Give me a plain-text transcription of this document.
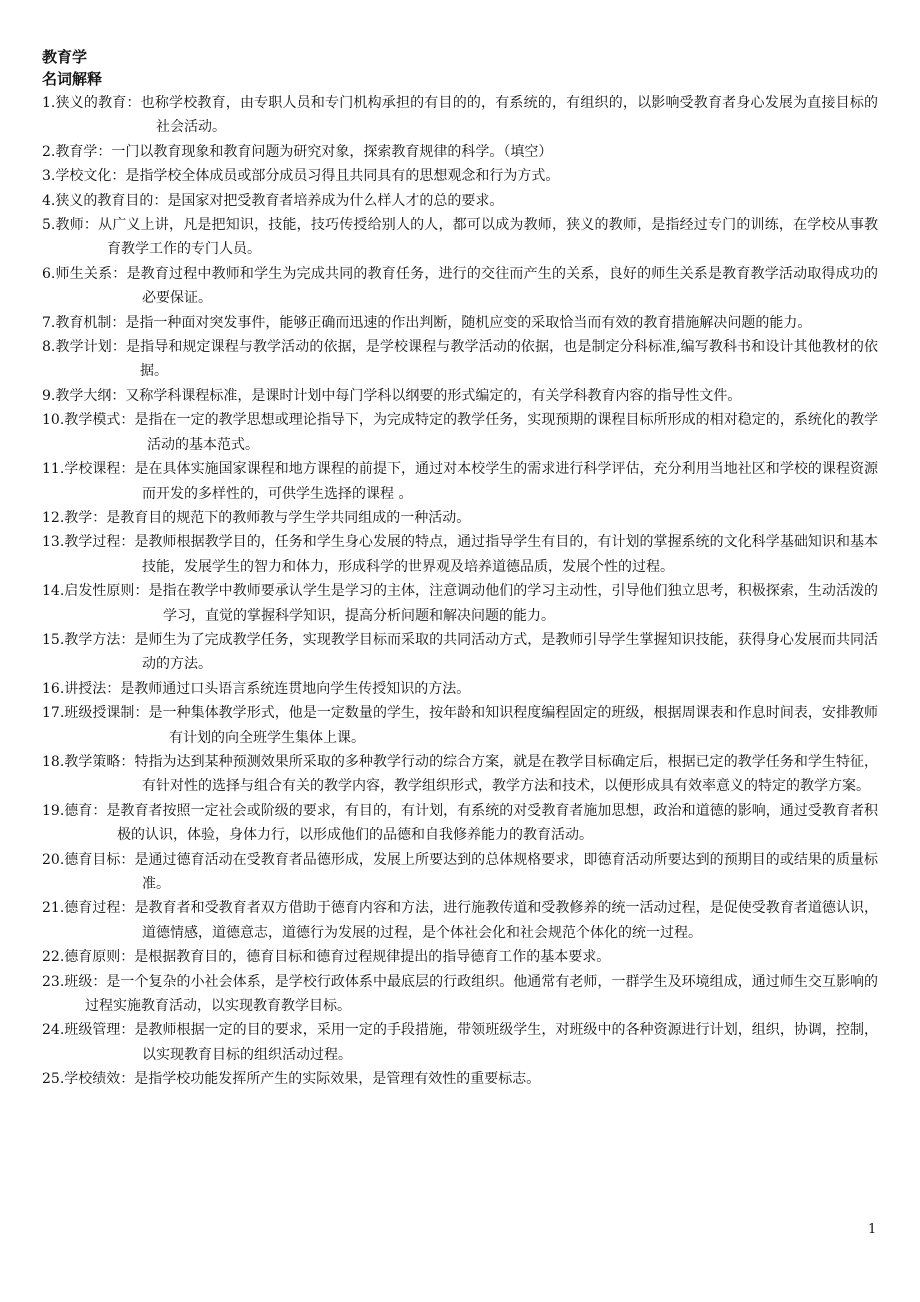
教育学
名词解释

1.狭义的教育：也称学校教育，由专职人员和专门机构承担的有目的的，有系统的，有组织的，以影响受教育者身心发展为直接目标的社会活动。

2.教育学：一门以教育现象和教育问题为研究对象，探索教育规律的科学。（填空）

3.学校文化：是指学校全体成员或部分成员习得且共同具有的思想观念和行为方式。

4.狭义的教育目的：是国家对把受教育者培养成为什么样人才的总的要求。

5.教师：从广义上讲，凡是把知识，技能，技巧传授给别人的人，都可以成为教师，狭义的教师，是指经过专门的训练，在学校从事教育教学工作的专门人员。

6.师生关系：是教育过程中教师和学生为完成共同的教育任务，进行的交往而产生的关系，良好的师生关系是教育教学活动取得成功的必要保证。

7.教育机制：是指一种面对突发事件，能够正确而迅速的作出判断，随机应变的采取恰当而有效的教育措施解决问题的能力。

8.教学计划：是指导和规定课程与教学活动的依据，是学校课程与教学活动的依据，也是制定分科标准,编写教科书和设计其他教材的依据。

9.教学大纲：又称学科课程标准，是课时计划中每门学科以纲要的形式编定的，有关学科教育内容的指导性文件。

10.教学模式：是指在一定的教学思想或理论指导下，为完成特定的教学任务，实现预期的课程目标所形成的相对稳定的，系统化的教学活动的基本范式。

11.学校课程：是在具体实施国家课程和地方课程的前提下，通过对本校学生的需求进行科学评估，充分利用当地社区和学校的课程资源而开发的多样性的，可供学生选择的课程 。

12.教学：是教育目的规范下的教师教与学生学共同组成的一种活动。

13.教学过程：是教师根据教学目的，任务和学生身心发展的特点，通过指导学生有目的，有计划的掌握系统的文化科学基础知识和基本技能，发展学生的智力和体力，形成科学的世界观及培养道德品质，发展个性的过程。

14.启发性原则：是指在教学中教师要承认学生是学习的主体，注意调动他们的学习主动性，引导他们独立思考，积极探索，生动活泼的学习，直觉的掌握科学知识，提高分析问题和解决问题的能力。

15.教学方法：是师生为了完成教学任务，实现教学目标而采取的共同活动方式，是教师引导学生掌握知识技能，获得身心发展而共同活动的方法。

16.讲授法：是教师通过口头语言系统连贯地向学生传授知识的方法。

17.班级授课制：是一种集体教学形式，他是一定数量的学生，按年龄和知识程度编程固定的班级，根据周课表和作息时间表，安排教师有计划的向全班学生集体上课。

18.教学策略：特指为达到某种预测效果所采取的多种教学行动的综合方案，就是在教学目标确定后，根据已定的教学任务和学生特征，有针对性的选择与组合有关的教学内容，教学组织形式，教学方法和技术，以便形成具有效率意义的特定的教学方案。

19.德育：是教育者按照一定社会或阶级的要求，有目的，有计划，有系统的对受教育者施加思想，政治和道德的影响，通过受教育者积极的认识，体验，身体力行，以形成他们的品德和自我修养能力的教育活动。

20.德育目标：是通过德育活动在受教育者品德形成，发展上所要达到的总体规格要求，即德育活动所要达到的预期目的或结果的质量标准。

21.德育过程：是教育者和受教育者双方借助于德育内容和方法，进行施教传道和受教修养的统一活动过程，是促使受教育者道德认识，道德情感，道德意志，道德行为发展的过程，是个体社会化和社会规范个体化的统一过程。

22.德育原则：是根据教育目的，德育目标和德育过程规律提出的指导德育工作的基本要求。

23.班级：是一个复杂的小社会体系，是学校行政体系中最底层的行政组织。他通常有老师，一群学生及环境组成，通过师生交互影响的过程实施教育活动，以实现教育教学目标。

24.班级管理：是教师根据一定的目的要求，采用一定的手段措施，带领班级学生，对班级中的各种资源进行计划，组织，协调，控制，以实现教育目标的组织活动过程。

25.学校绩效：是指学校功能发挥所产生的实际效果，是管理有效性的重要标志。

1
